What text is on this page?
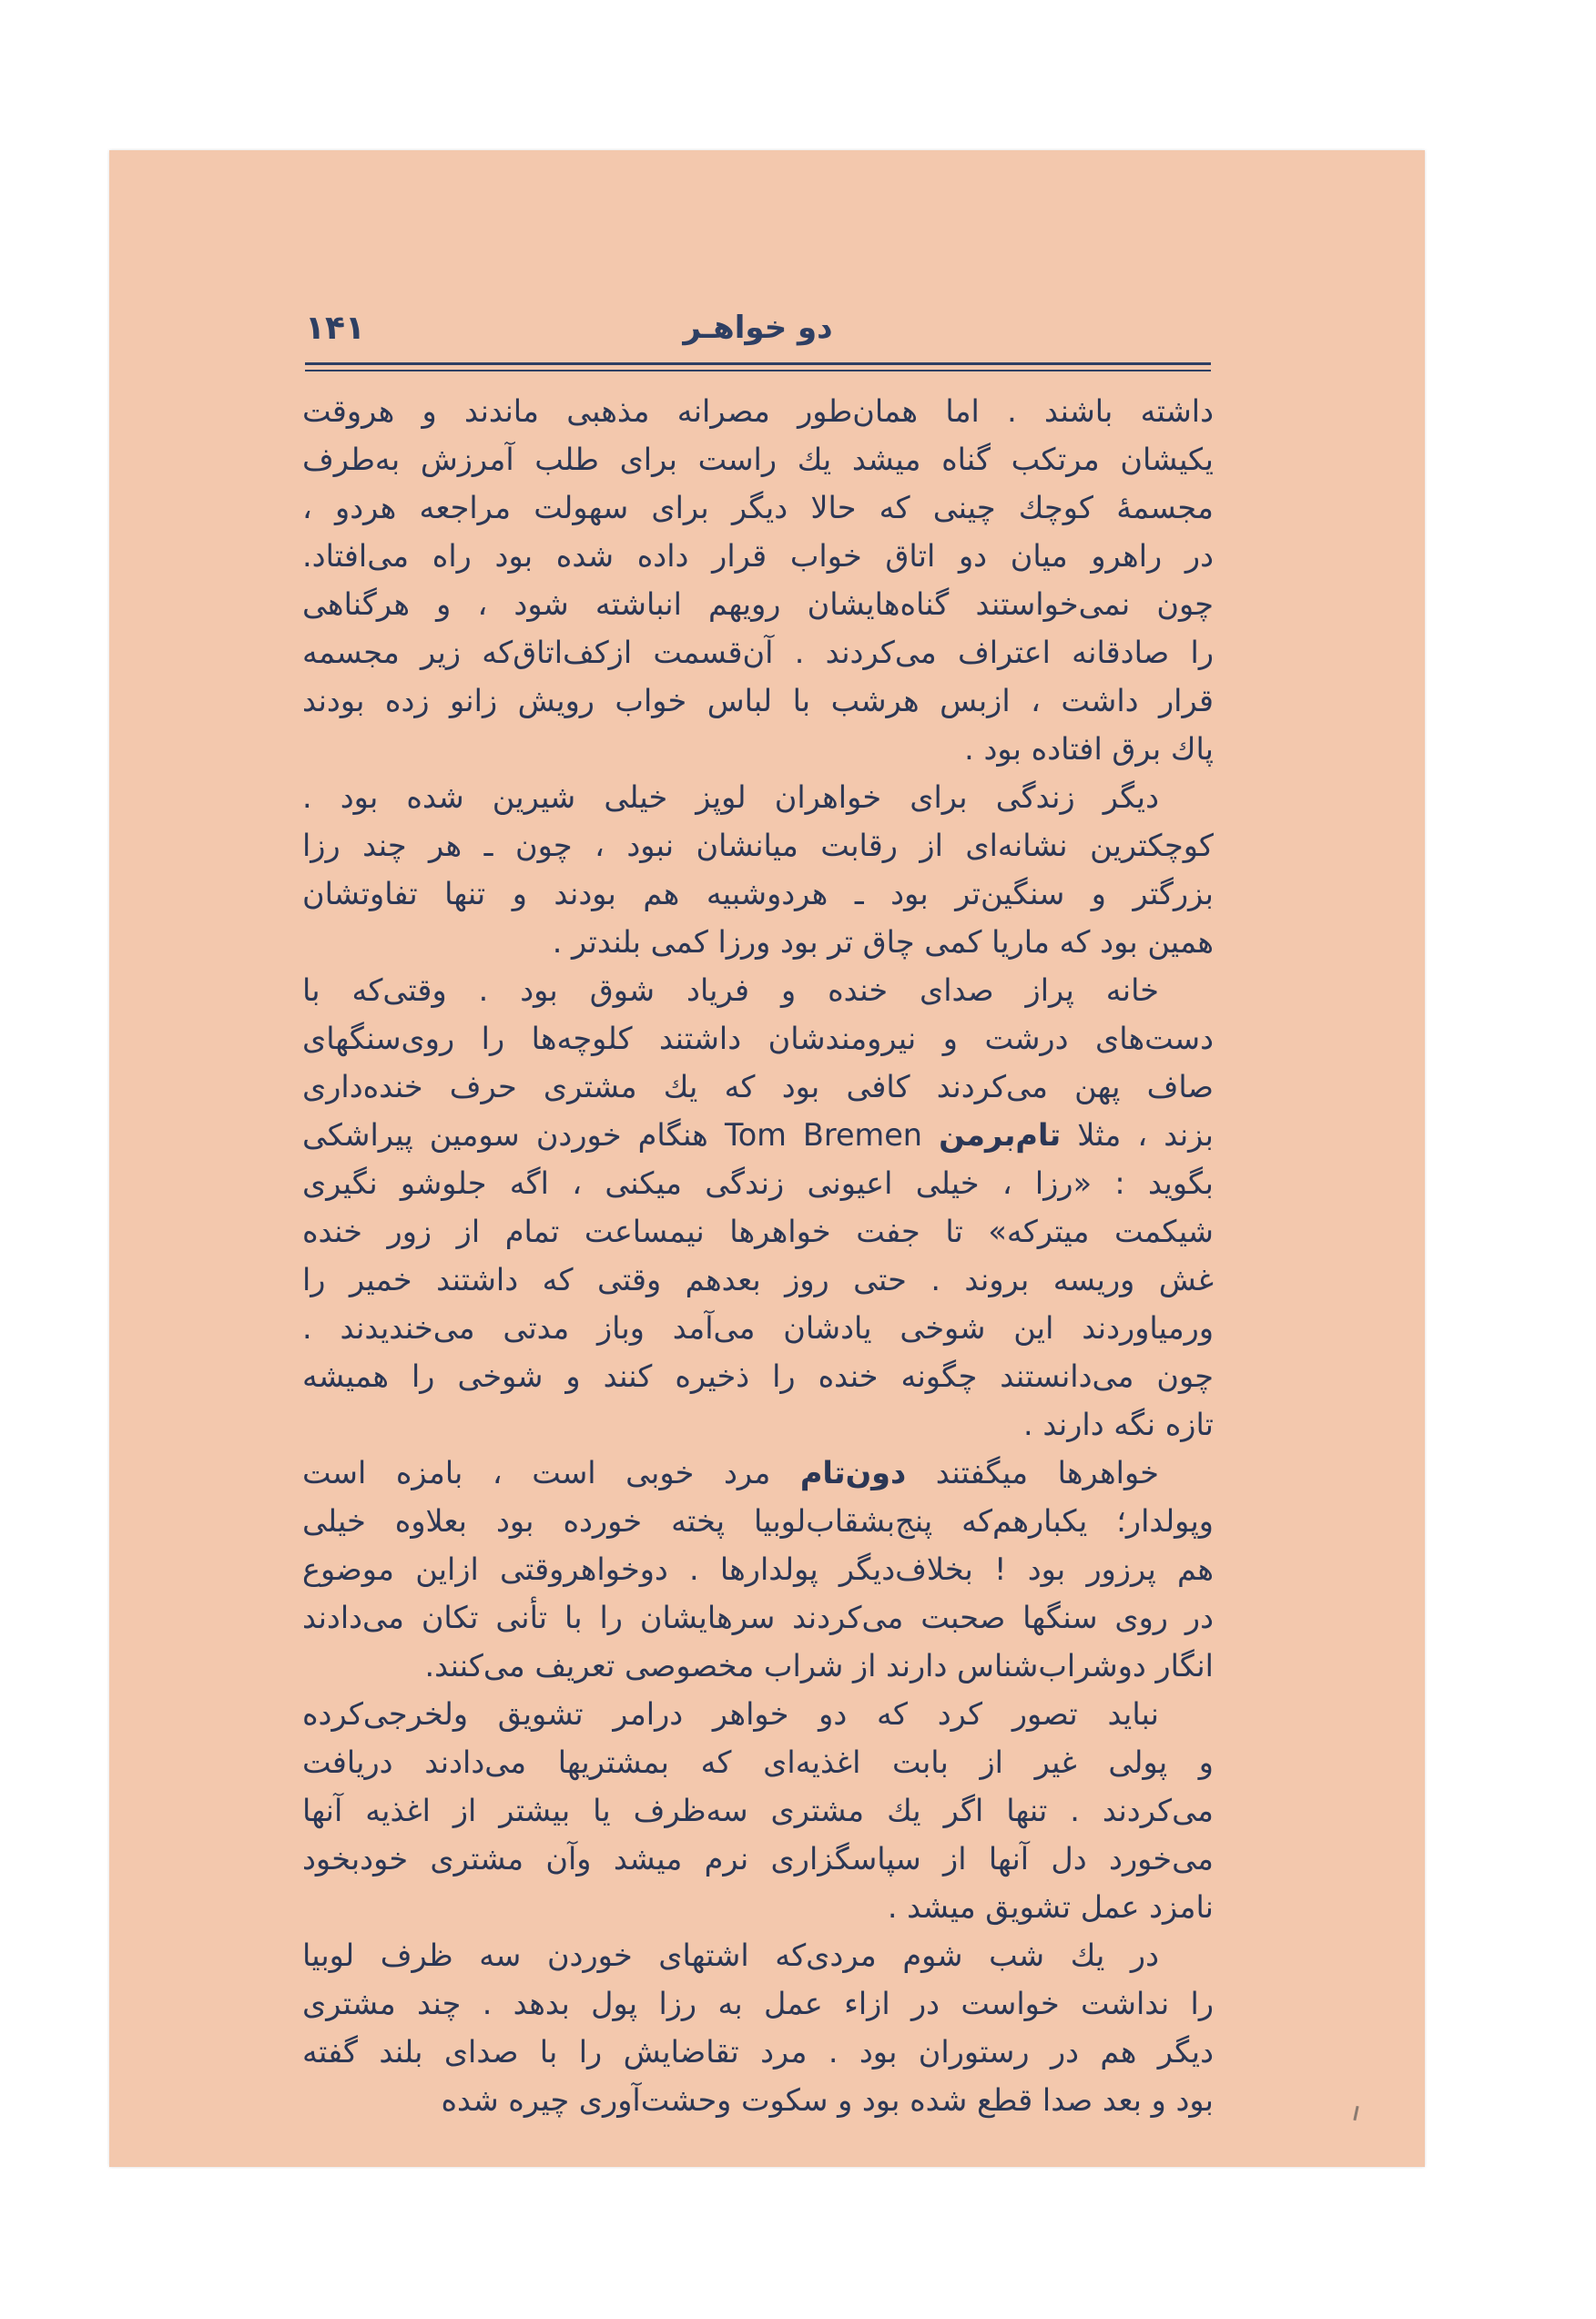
دو خواهـر
۱۴۱
داشته باشند . اما همان‌طور مصرانه مذهبی ماندند و هروقت
یکیشان مرتکب گناه میشد یك راست برای طلب آمرزش به‌طرف
مجسمهٔ کوچك چینی که حالا دیگر برای سهولت مراجعه هردو ،
در راهرو میان دو اتاق خواب قرار داده شده بود راه می‌افتاد.
چون نمی‌خواستند گناه‌هایشان رویهم انباشته شود ، و هرگناهی
را صادقانه اعتراف می‌کردند . آن‌قسمت ازکف‌اتاق‌که زیر مجسمه
قرار داشت ، ازبس هرشب با لباس خواب رویش زانو زده بودند
پاك برق افتاده بود .
دیگر زندگی برای خواهران لوپز خیلی شیرین شده بود .
کوچکترین نشانه‌ای از رقابت میانشان نبود ، چون ـ هر چند رزا
بزرگتر و سنگین‌تر بود ـ هردوشبیه هم بودند و تنها تفاوتشان
همین بود که ماریا کمی چاق تر بود ورزا کمی بلندتر .
خانه پراز صدای خنده و فریاد شوق بود . وقتی‌که با
دست‌های درشت و نیرومندشان داشتند کلوچه‌ها را روی‌سنگهای
صاف پهن می‌کردند کافی بود که یك مشتری حرف خنده‌داری
بزند ، مثلا تام‌برمن Tom Bremen هنگام خوردن سومین پیراشکی
بگوید : «رزا ، خیلی اعیونی زندگی میکنی ، اگه جلوشو نگیری
شیکمت میترکه» تا جفت خواهرها نیمساعت تمام از زور خنده
غش وریسه بروند . حتی روز بعدهم وقتی که داشتند خمیر را
ورمیاوردند این شوخی یادشان می‌آمد وباز مدتی می‌خندیدند .
چون می‌دانستند چگونه خنده را ذخیره کنند و شوخی را همیشه
تازه نگه دارند .
خواهرها میگفتند دون‌تام مرد خوبی است ، بامزه است
وپولدار؛ یکبارهم‌که پنج‌بشقاب‌لوبیا پخته خورده بود بعلاوه خیلی
هم پرزور بود ! بخلاف‌دیگر پولدارها . دوخواهروقتی ازاین موضوع
در روی سنگها صحبت می‌کردند سرهایشان را با تأنی تکان می‌دادند
انگار دوشراب‌شناس دارند از شراب مخصوصی تعریف می‌کنند.
نباید تصور کرد که دو خواهر درامر تشویق ولخرجی‌کرده
و پولی غیر از بابت اغذیه‌ای که بمشتریها می‌دادند دریافت
می‌کردند . تنها اگر یك مشتری سه‌ظرف یا بیشتر از اغذیه آنها
می‌خورد دل آنها از سپاسگزاری نرم میشد وآن مشتری خودبخود
نامزد عمل تشویق میشد .
در یك شب شوم مردی‌که اشتهای خوردن سه ظرف لوبیا
را نداشت خواست در ازاء عمل به رزا پول بدهد . چند مشتری
دیگر هم در رستوران بود . مرد تقاضایش را با صدای بلند گفته
بود و بعد صدا قطع شده بود و سکوت وحشت‌آوری چیره شده
